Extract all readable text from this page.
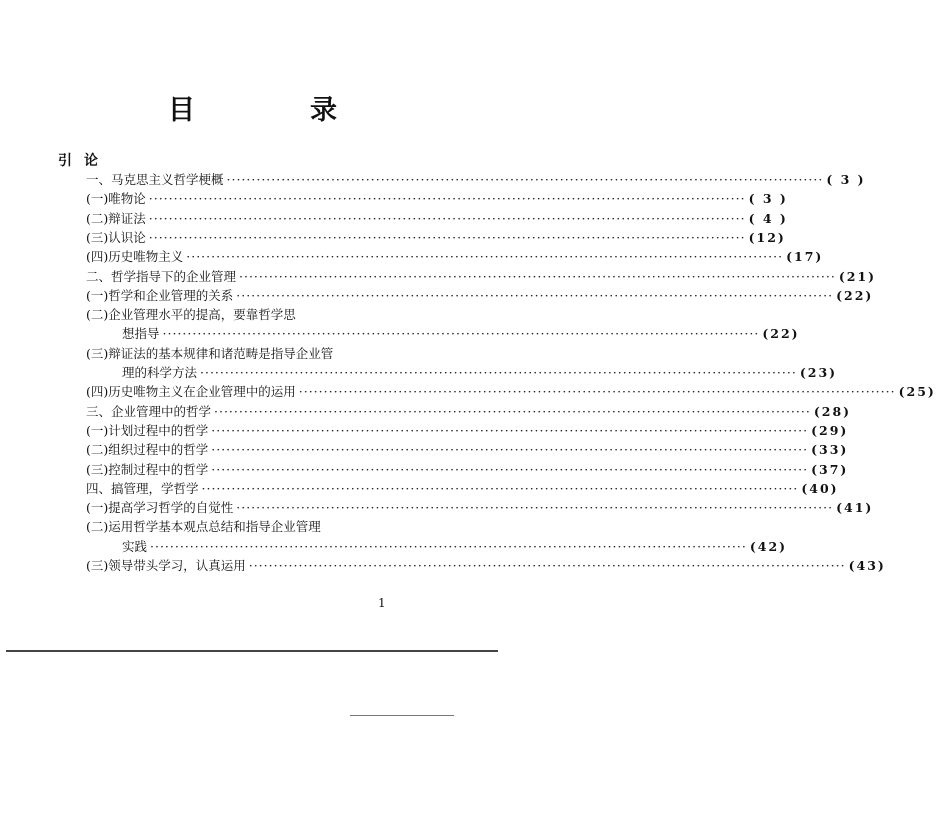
目　录
引论
一、马克思主义哲学梗概 ························································································································ ( 3 )
(一)唯物论 ························································································································ ( 3 )
(二)辩证法 ························································································································ ( 4 )
(三)认识论 ························································································································ (12)
(四)历史唯物主义 ························································································································ (17)
二、哲学指导下的企业管理 ························································································································ (21)
(一)哲学和企业管理的关系 ························································································································ (22)
(二)企业管理水平的提高，要靠哲学思
想指导 ························································································································ (22)
(三)辩证法的基本规律和诸范畴是指导企业管
理的科学方法 ························································································································ (23)
(四)历史唯物主义在企业管理中的运用 ························································································································ (25)
三、企业管理中的哲学 ························································································································ (28)
(一)计划过程中的哲学 ························································································································ (29)
(二)组织过程中的哲学 ························································································································ (33)
(三)控制过程中的哲学 ························································································································ (37)
四、搞管理，学哲学 ························································································································ (40)
(一)提高学习哲学的自觉性 ························································································································ (41)
(二)运用哲学基本观点总结和指导企业管理
实践 ························································································································ (42)
(三)领导带头学习，认真运用 ························································································································ (43)
1
